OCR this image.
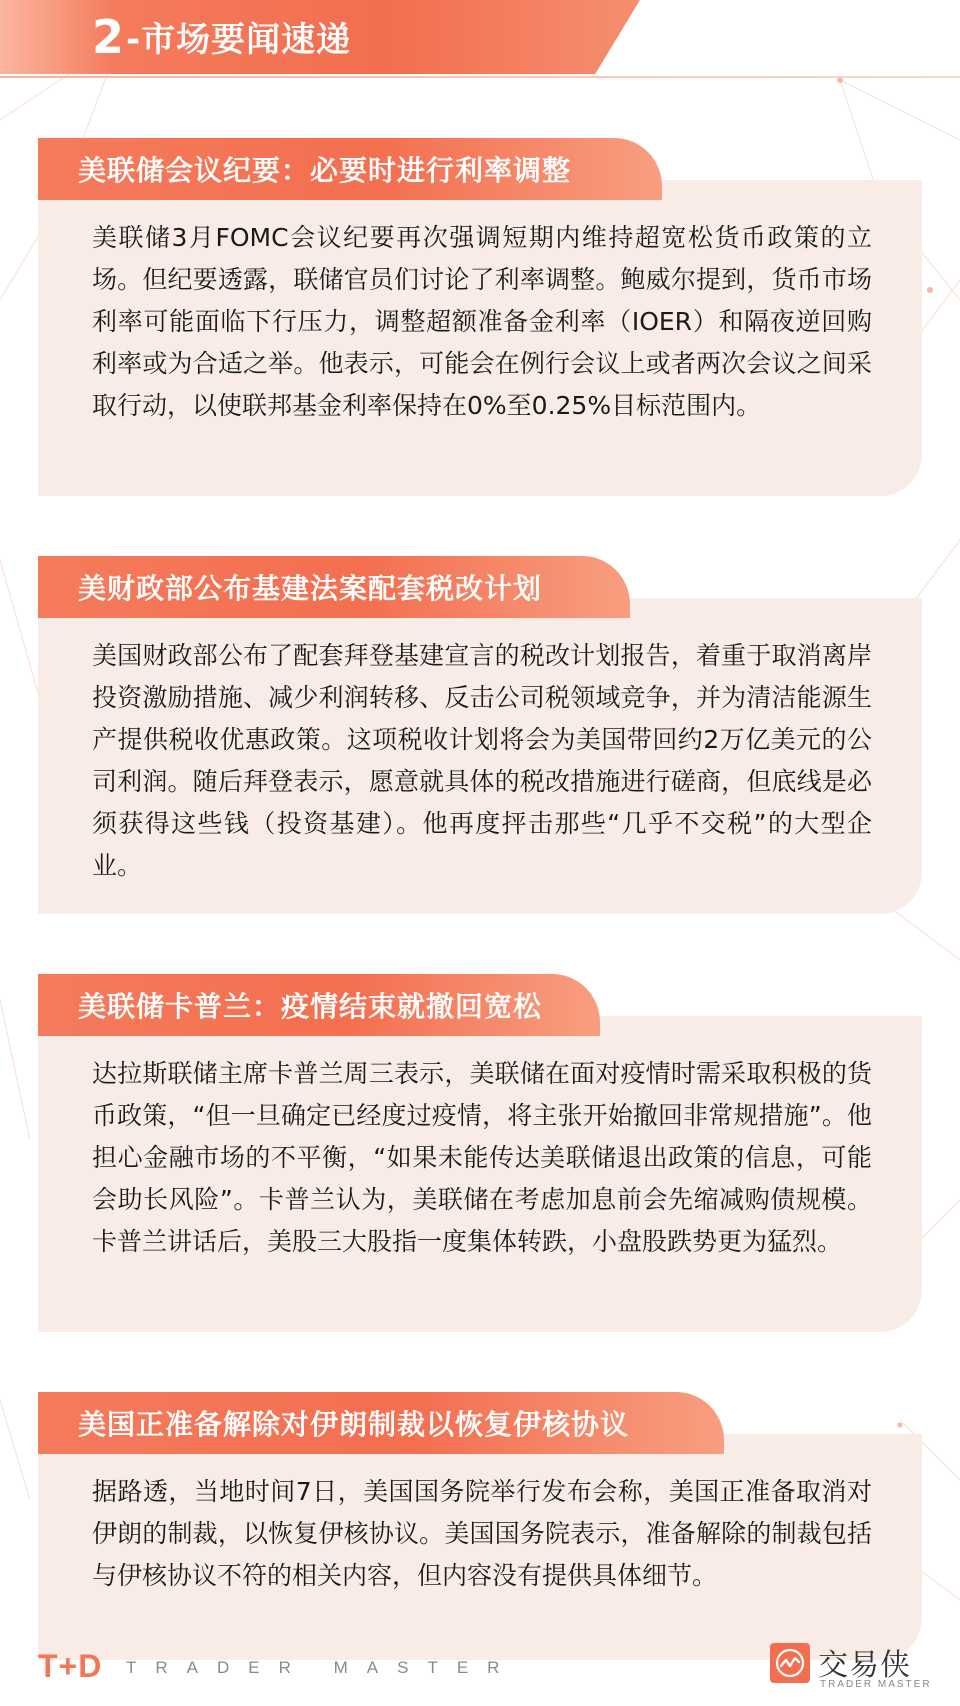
2 -市场要闻速递
美联储会议纪要：必要时进行利率调整
美联储3月FOMC会议纪要再次强调短期内维持超宽松货币政策的立场。但纪要透露，联储官员们讨论了利率调整。鲍威尔提到，货币市场利率可能面临下行压力，调整超额准备金利率（IOER）和隔夜逆回购利率或为合适之举。他表示，可能会在例行会议上或者两次会议之间采取行动，以使联邦基金利率保持在0%至0.25%目标范围内。
美财政部公布基建法案配套税改计划
美国财政部公布了配套拜登基建宣言的税改计划报告，着重于取消离岸投资激励措施、减少利润转移、反击公司税领域竞争，并为清洁能源生产提供税收优惠政策。这项税收计划将会为美国带回约2万亿美元的公司利润。随后拜登表示，愿意就具体的税改措施进行磋商，但底线是必须获得这些钱（投资基建）。他再度抨击那些“几乎不交税”的大型企业。
美联储卡普兰：疫情结束就撤回宽松
达拉斯联储主席卡普兰周三表示，美联储在面对疫情时需采取积极的货币政策，“但一旦确定已经度过疫情，将主张开始撤回非常规措施”。他担心金融市场的不平衡，“如果未能传达美联储退出政策的信息，可能会助长风险”。卡普兰认为，美联储在考虑加息前会先缩减购债规模。卡普兰讲话后，美股三大股指一度集体转跌，小盘股跌势更为猛烈。
美国正准备解除对伊朗制裁以恢复伊核协议
据路透，当地时间7日，美国国务院举行发布会称，美国正准备取消对伊朗的制裁，以恢复伊核协议。美国国务院表示，准备解除的制裁包括与伊核协议不符的相关内容，但内容没有提供具体细节。
T+D TRADER MASTER	交易侠
TRADER MASTER
